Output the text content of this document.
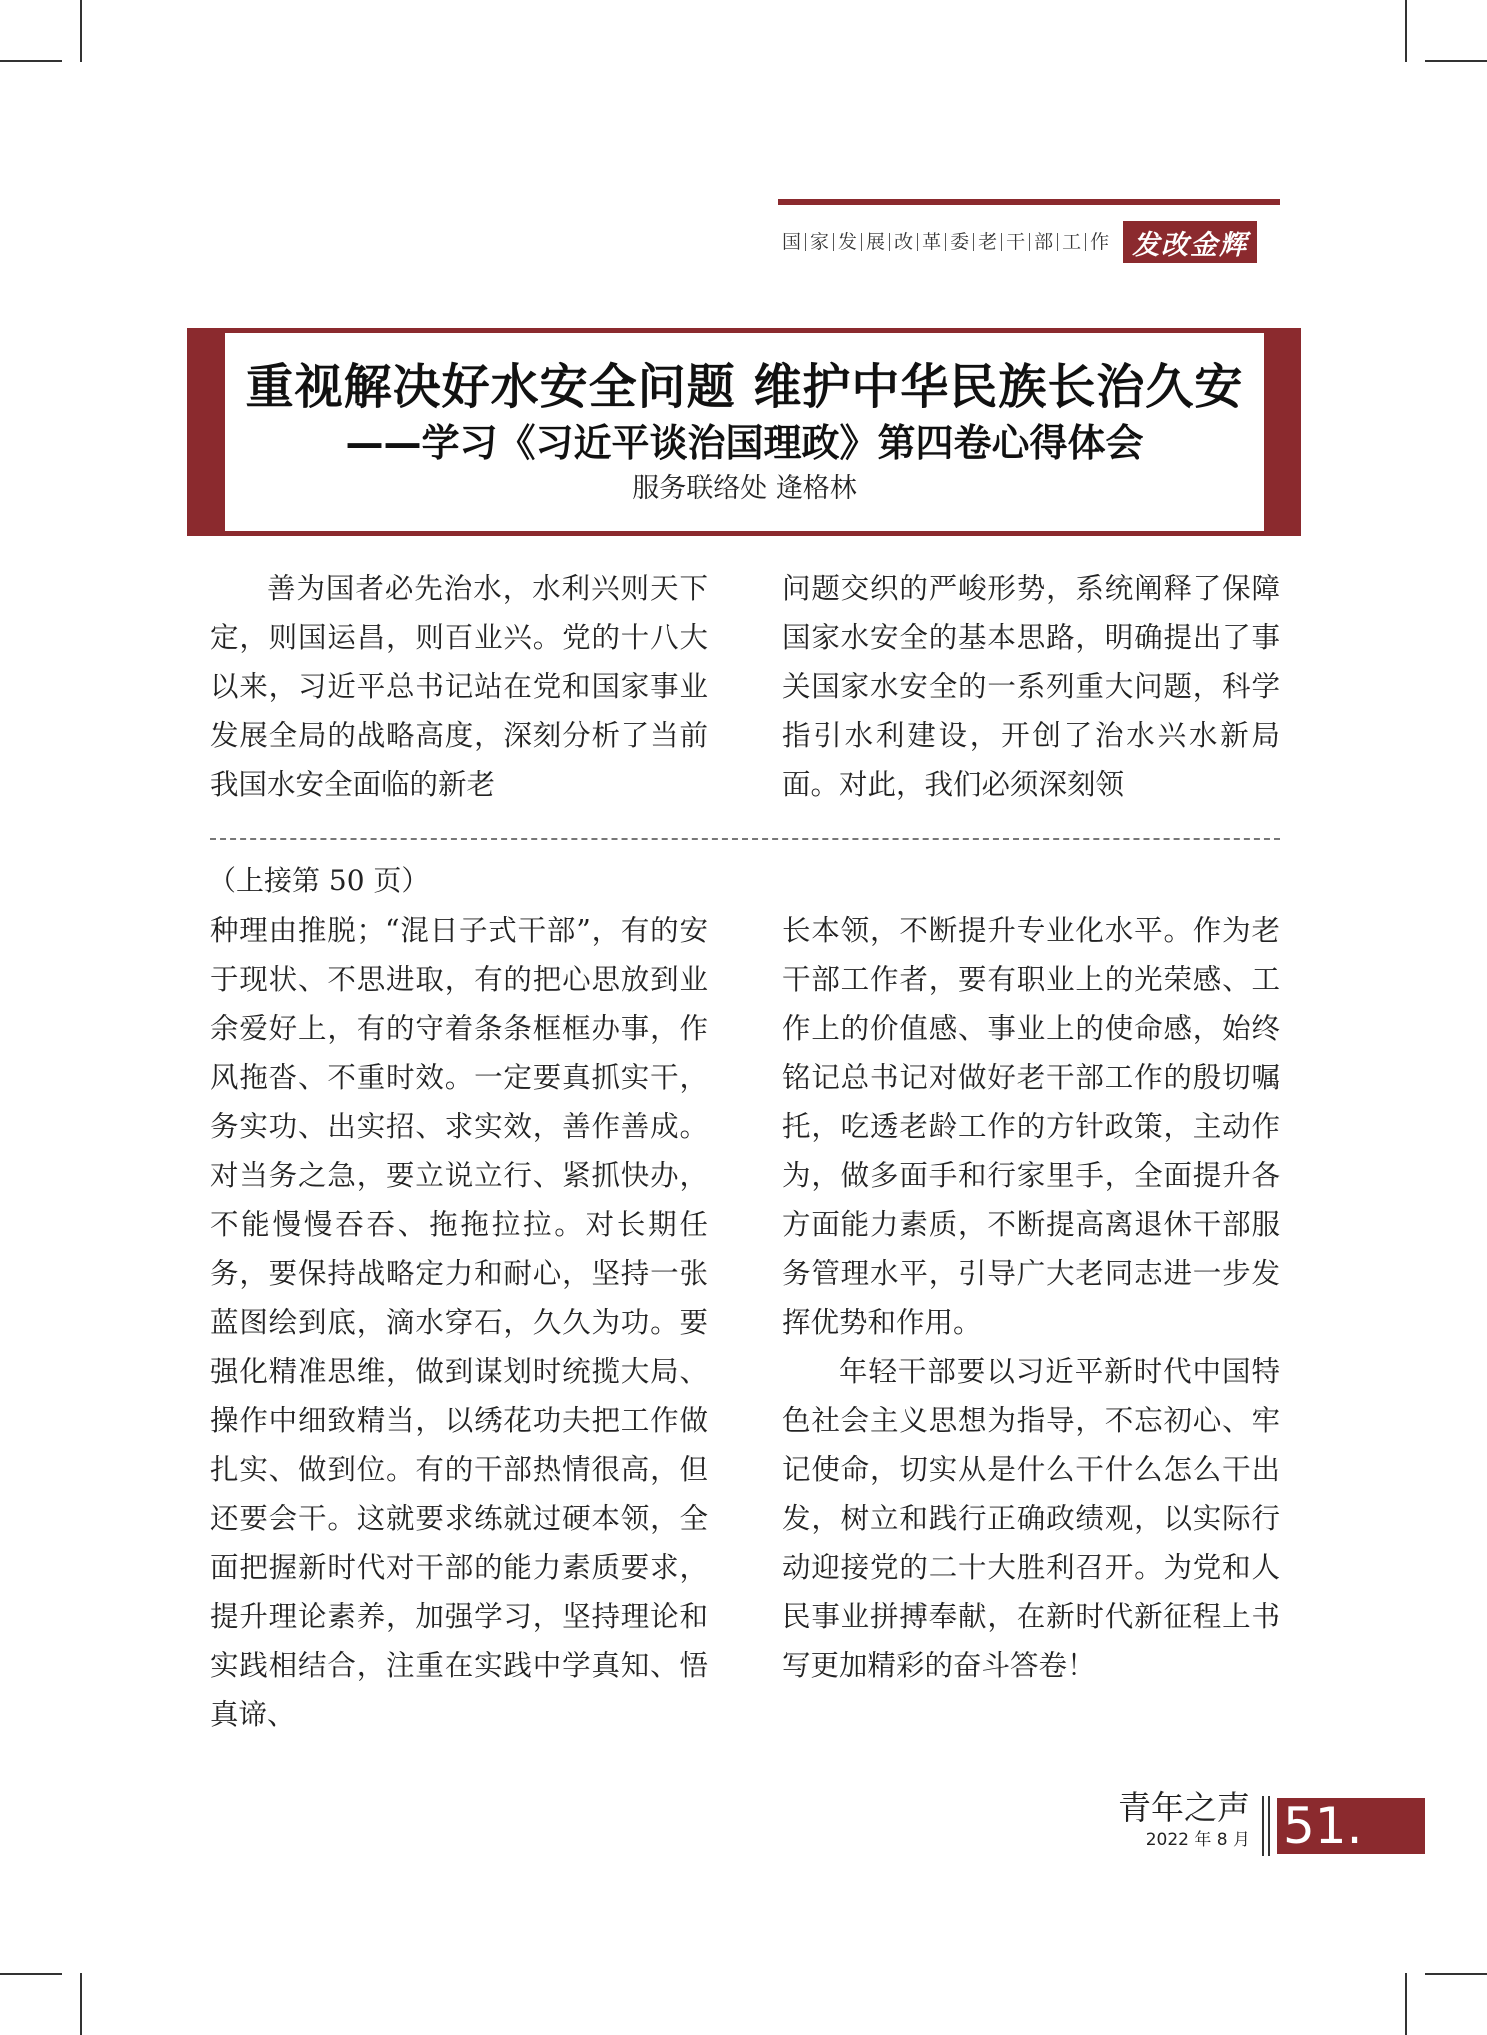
国 家 发 展 改 革 委 老 干 部 工 作 发改金辉
重视解决好水安全问题 维护中华民族长治久安
——学习《习近平谈治国理政》第四卷心得体会
服务联络处 逄格林

善为国者必先治水，水利兴则天下定，则国运昌，则百业兴。党的十八大以来，习近平总书记站在党和国家事业发展全局的战略高度，深刻分析了当前我国水安全面临的新老

问题交织的严峻形势，系统阐释了保障国家水安全的基本思路，明确提出了事关国家水安全的一系列重大问题，科学指引水利建设，开创了治水兴水新局面。对此，我们必须深刻领

（上接第 50 页）

种理由推脱；“混日子式干部”，有的安于现状、不思进取，有的把心思放到业余爱好上，有的守着条条框框办事，作风拖沓、不重时效。一定要真抓实干，务实功、出实招、求实效，善作善成。对当务之急，要立说立行、紧抓快办，不能慢慢吞吞、拖拖拉拉。对长期任务，要保持战略定力和耐心，坚持一张蓝图绘到底，滴水穿石，久久为功。要强化精准思维，做到谋划时统揽大局、操作中细致精当，以绣花功夫把工作做扎实、做到位。有的干部热情很高，但还要会干。这就要求练就过硬本领，全面把握新时代对干部的能力素质要求，提升理论素养，加强学习，坚持理论和实践相结合，注重在实践中学真知、悟真谛、

长本领，不断提升专业化水平。作为老干部工作者，要有职业上的光荣感、工作上的价值感、事业上的使命感，始终铭记总书记对做好老干部工作的殷切嘱托，吃透老龄工作的方针政策，主动作为，做多面手和行家里手，全面提升各方面能力素质，不断提高离退休干部服务管理水平，引导广大老同志进一步发挥优势和作用。

年轻干部要以习近平新时代中国特色社会主义思想为指导，不忘初心、牢记使命，切实从是什么干什么怎么干出发，树立和践行正确政绩观，以实际行动迎接党的二十大胜利召开。为党和人民事业拼搏奉献，在新时代新征程上书写更加精彩的奋斗答卷！

青年之声
2022 年 8 月 51.
